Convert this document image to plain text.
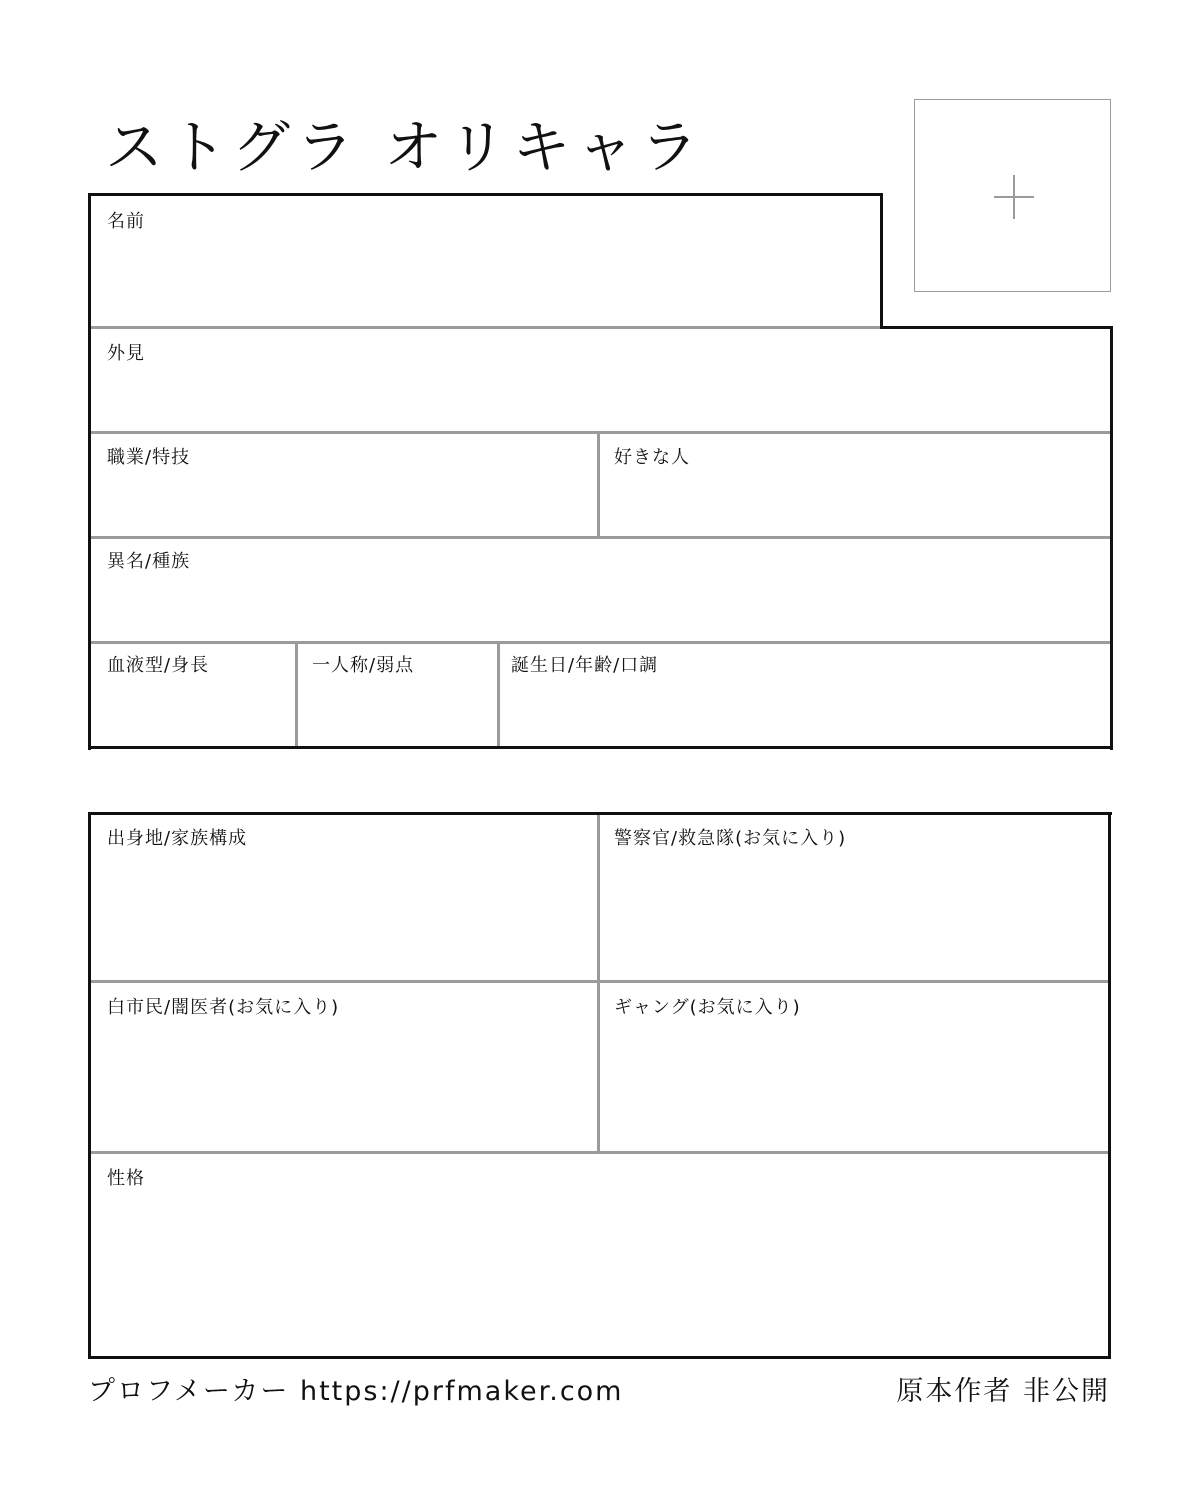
ストグラ オリキャラ
名前
外見
職業/特技	好きな人
異名/種族
血液型/身長	一人称/弱点	誕生日/年齢/口調
出身地/家族構成	警察官/救急隊(お気に入り)
白市民/闇医者(お気に入り)	ギャング(お気に入り)
性格
プロフメーカー https://prfmaker.com	原本作者 非公開
